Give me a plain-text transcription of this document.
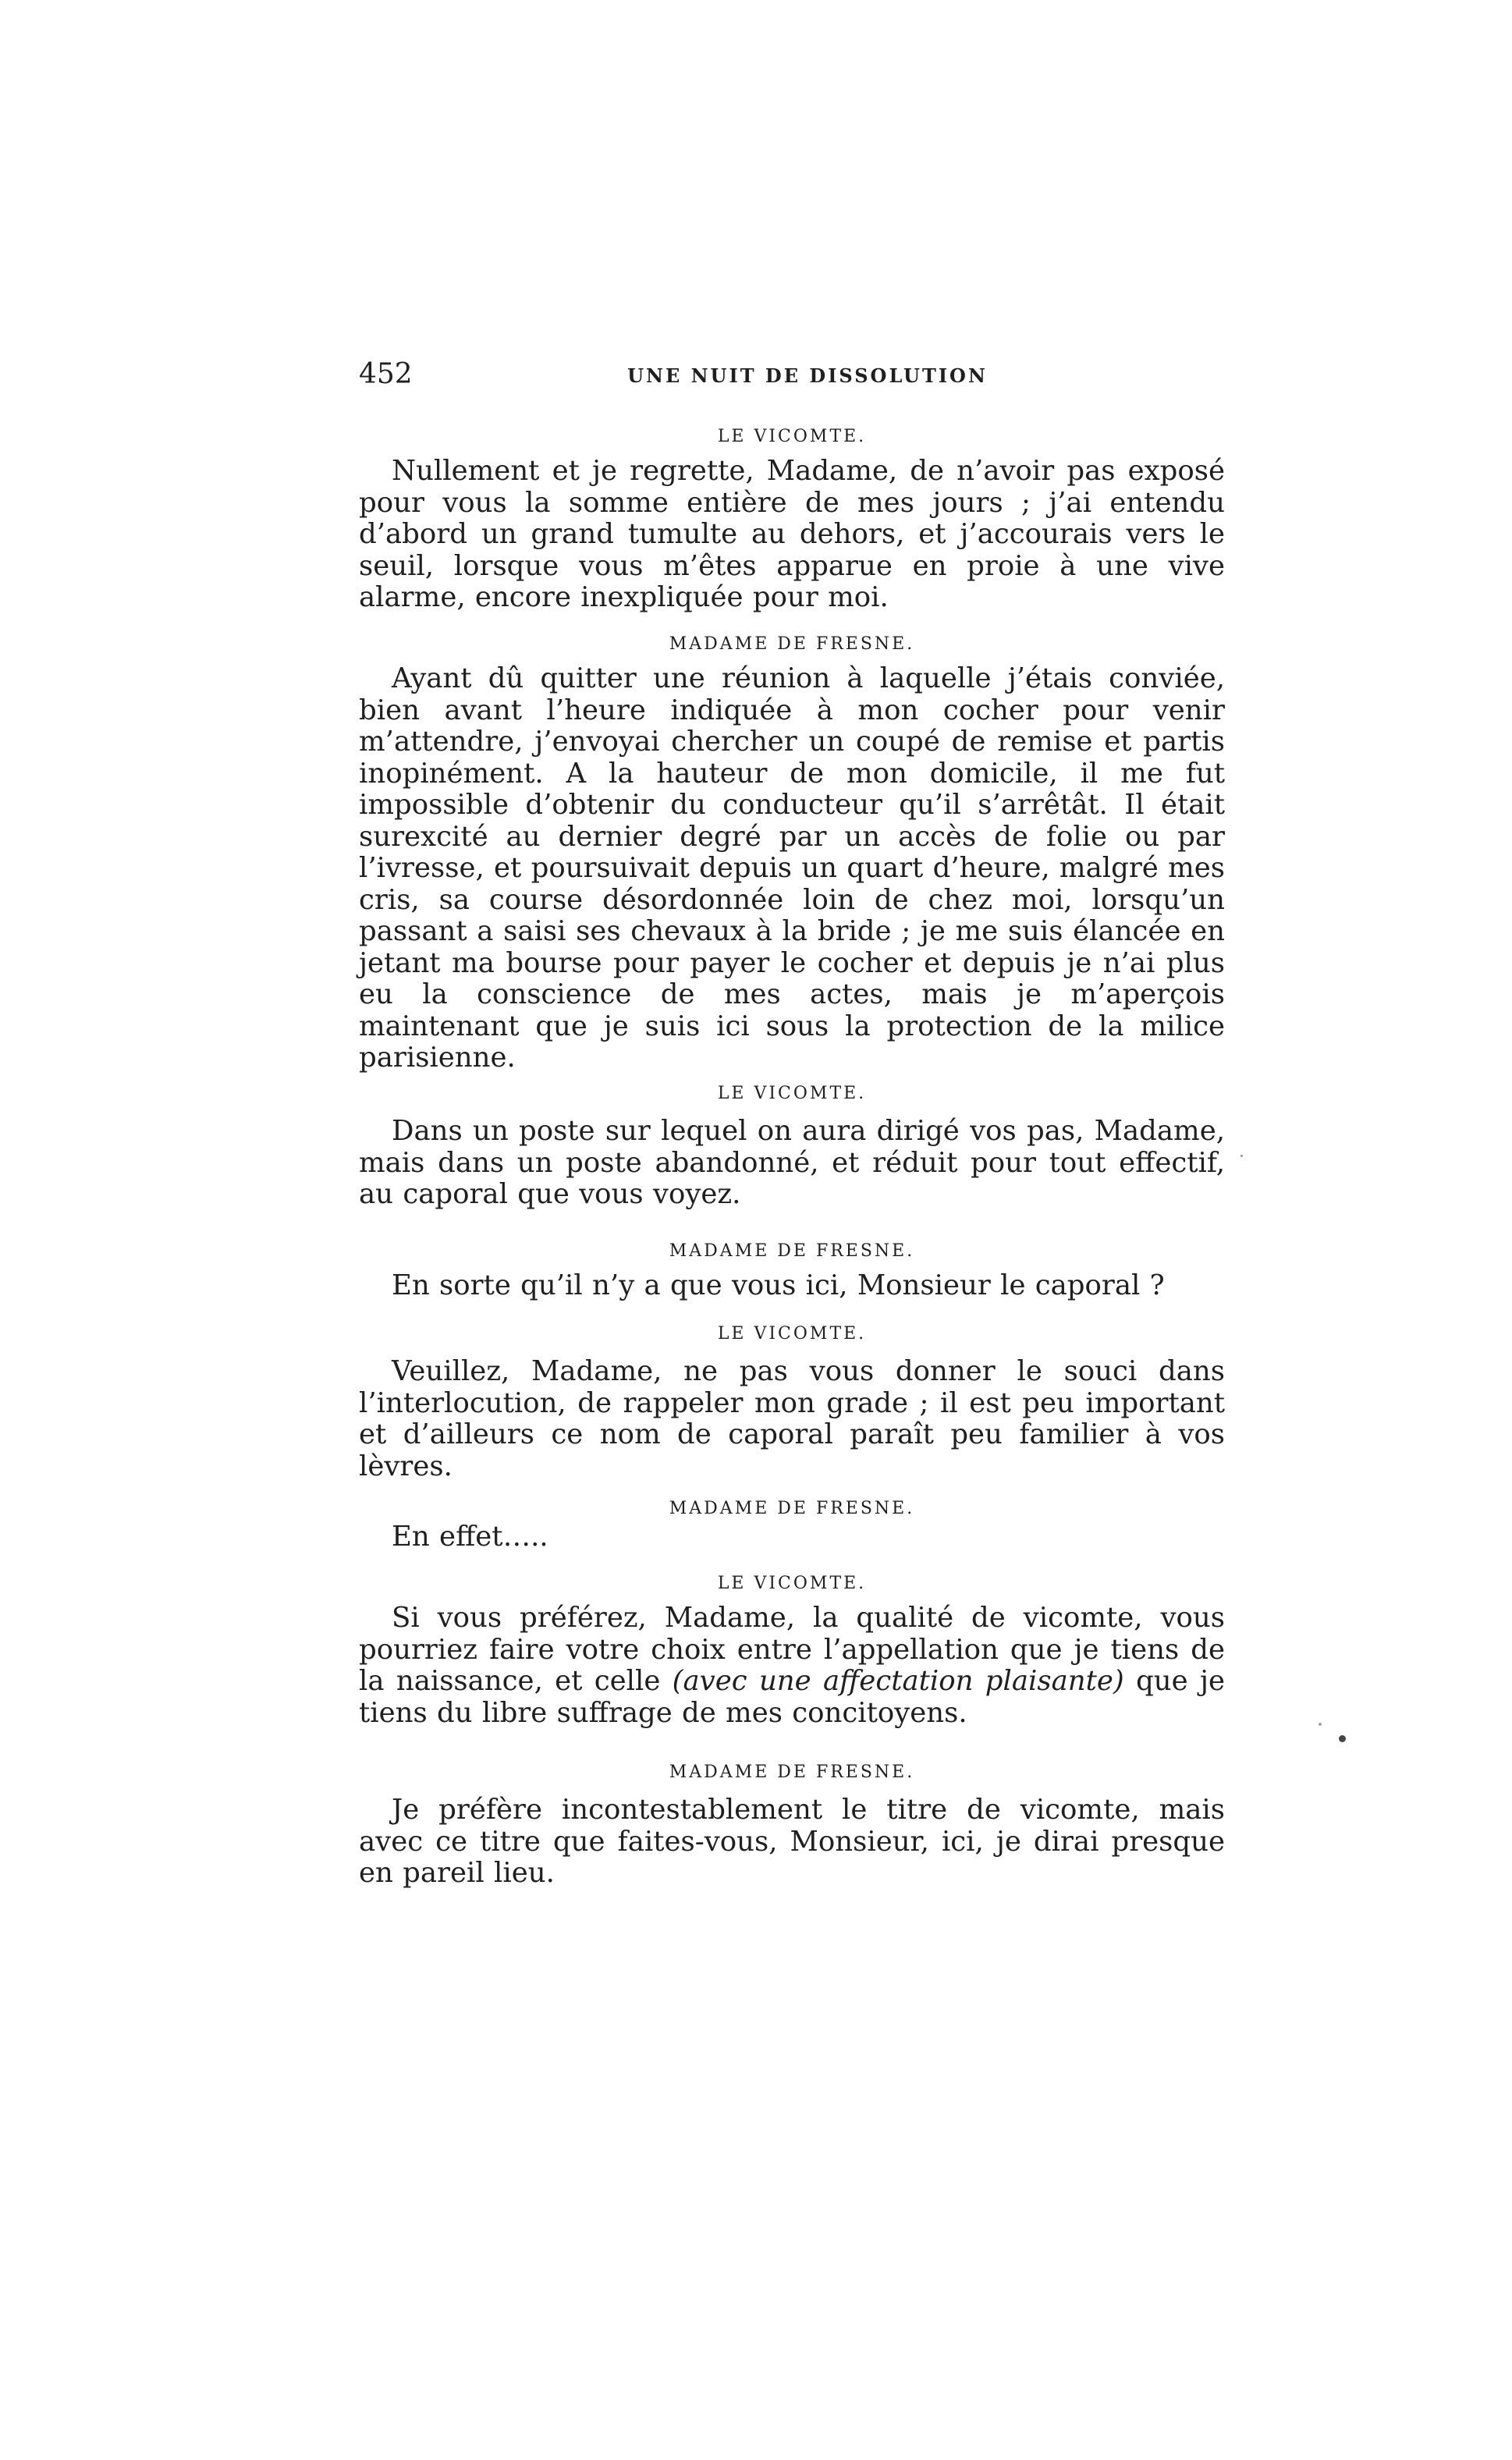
452	UNE NUIT DE DISSOLUTION
LE VICOMTE.

Nullement et je regrette, Madame, de n’avoir pas exposé pour vous la somme entière de mes jours ; j’ai entendu d’abord un grand tumulte au dehors, et j’accourais vers le seuil, lorsque vous m’êtes apparue en proie à une vive alarme, encore inexpliquée pour moi.

MADAME DE FRESNE.

Ayant dû quitter une réunion à laquelle j’étais conviée, bien avant l’heure indiquée à mon cocher pour venir m’attendre, j’envoyai chercher un coupé de remise et partis inopinément. A la hauteur de mon domicile, il me fut impossible d’obtenir du conducteur qu’il s’arrêtât. Il était surexcité au dernier degré par un accès de folie ou par l’ivresse, et poursuivait depuis un quart d’heure, malgré mes cris, sa course désordonnée loin de chez moi, lorsqu’un passant a saisi ses chevaux à la bride ; je me suis élancée en jetant ma bourse pour payer le cocher et depuis je n’ai plus eu la conscience de mes actes, mais je m’aperçois maintenant que je suis ici sous la protection de la milice parisienne.

LE VICOMTE.

Dans un poste sur lequel on aura dirigé vos pas, Madame, mais dans un poste abandonné, et réduit pour tout effectif, au caporal que vous voyez.

MADAME DE FRESNE.

En sorte qu’il n’y a que vous ici, Monsieur le caporal ?

LE VICOMTE.

Veuillez, Madame, ne pas vous donner le souci dans l’interlocution, de rappeler mon grade ; il est peu important et d’ailleurs ce nom de caporal paraît peu familier à vos lèvres.

MADAME DE FRESNE.

En effet…..

LE VICOMTE.

Si vous préférez, Madame, la qualité de vicomte, vous pourriez faire votre choix entre l’appellation que je tiens de la naissance, et celle (avec une affectation plaisante) que je tiens du libre suffrage de mes concitoyens.

MADAME DE FRESNE.

Je préfère incontestablement le titre de vicomte, mais avec ce titre que faites-vous, Monsieur, ici, je dirai presque en pareil lieu.
